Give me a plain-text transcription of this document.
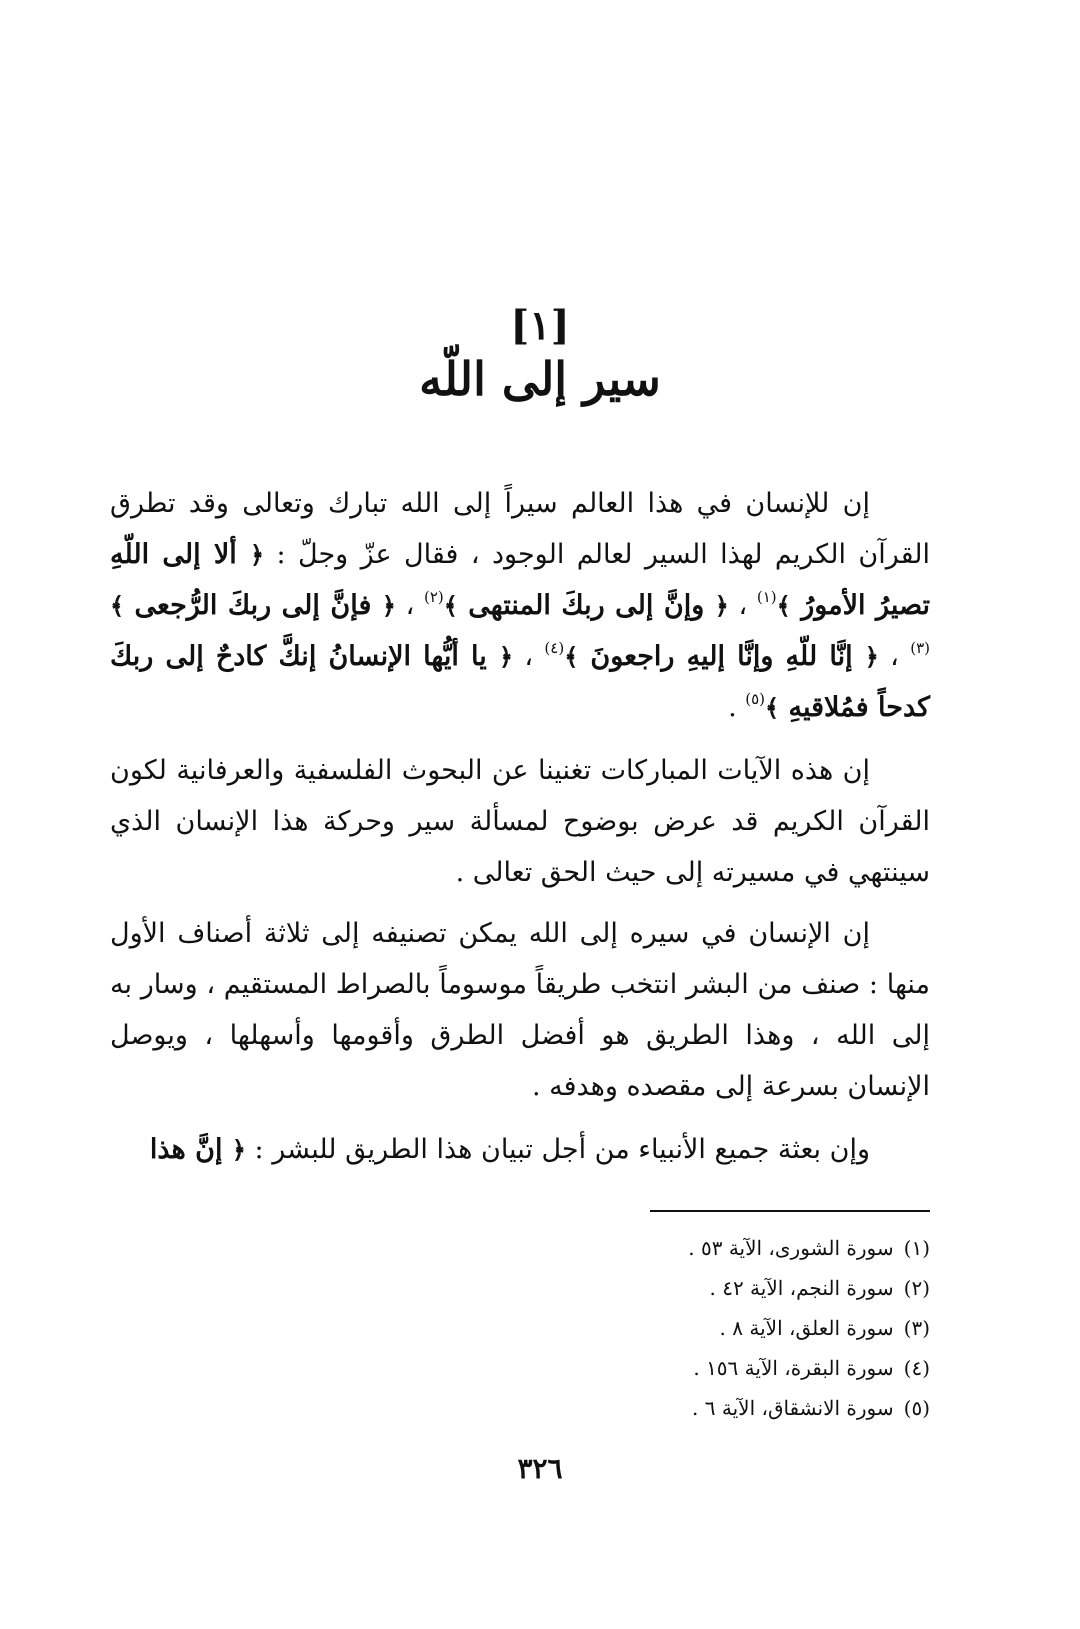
[١]
سير إلى اللّه

إن للإنسان في هذا العالم سيراً إلى الله تبارك وتعالى وقد تطرق القرآن الكريم لهذا السير لعالم الوجود ، فقال عزّ وجلّ : ﴿ ألا إلى اللّهِ تصيرُ الأمورُ ﴾$^{(١)}$ ، ﴿ وإنَّ إلى ربكَ المنتهى ﴾$^{(٢)}$ ، ﴿ فإنَّ إلى ربكَ الرُّجعى ﴾$^{(٣)}$ ، ﴿ إنَّا للّهِ وإنَّا إليهِ راجعونَ ﴾$^{(٤)}$ ، ﴿ يا أيُّها الإنسانُ إنكَّ كادحٌ إلى ربكَ كدحاً فمُلاقيهِ ﴾$^{(٥)}$ .

إن هذه الآيات المباركات تغنينا عن البحوث الفلسفية والعرفانية لكون القرآن الكريم قد عرض بوضوح لمسألة سير وحركة هذا الإنسان الذي سينتهي في مسيرته إلى حيث الحق تعالى .

إن الإنسان في سيره إلى الله يمكن تصنيفه إلى ثلاثة أصناف الأول منها : صنف من البشر انتخب طريقاً موسوماً بالصراط المستقيم ، وسار به إلى الله ، وهذا الطريق هو أفضل الطرق وأقومها وأسهلها ، ويوصل الإنسان بسرعة إلى مقصده وهدفه .

وإن بعثة جميع الأنبياء من أجل تبيان هذا الطريق للبشر : ﴿ إنَّ هذا

(١)سورة الشورى، الآية ٥٣ .
(٢)سورة النجم، الآية ٤٢ .
(٣)سورة العلق، الآية ٨ .
(٤)سورة البقرة، الآية ١٥٦ .
(٥)سورة الانشقاق، الآية ٦ .
٣٢٦
